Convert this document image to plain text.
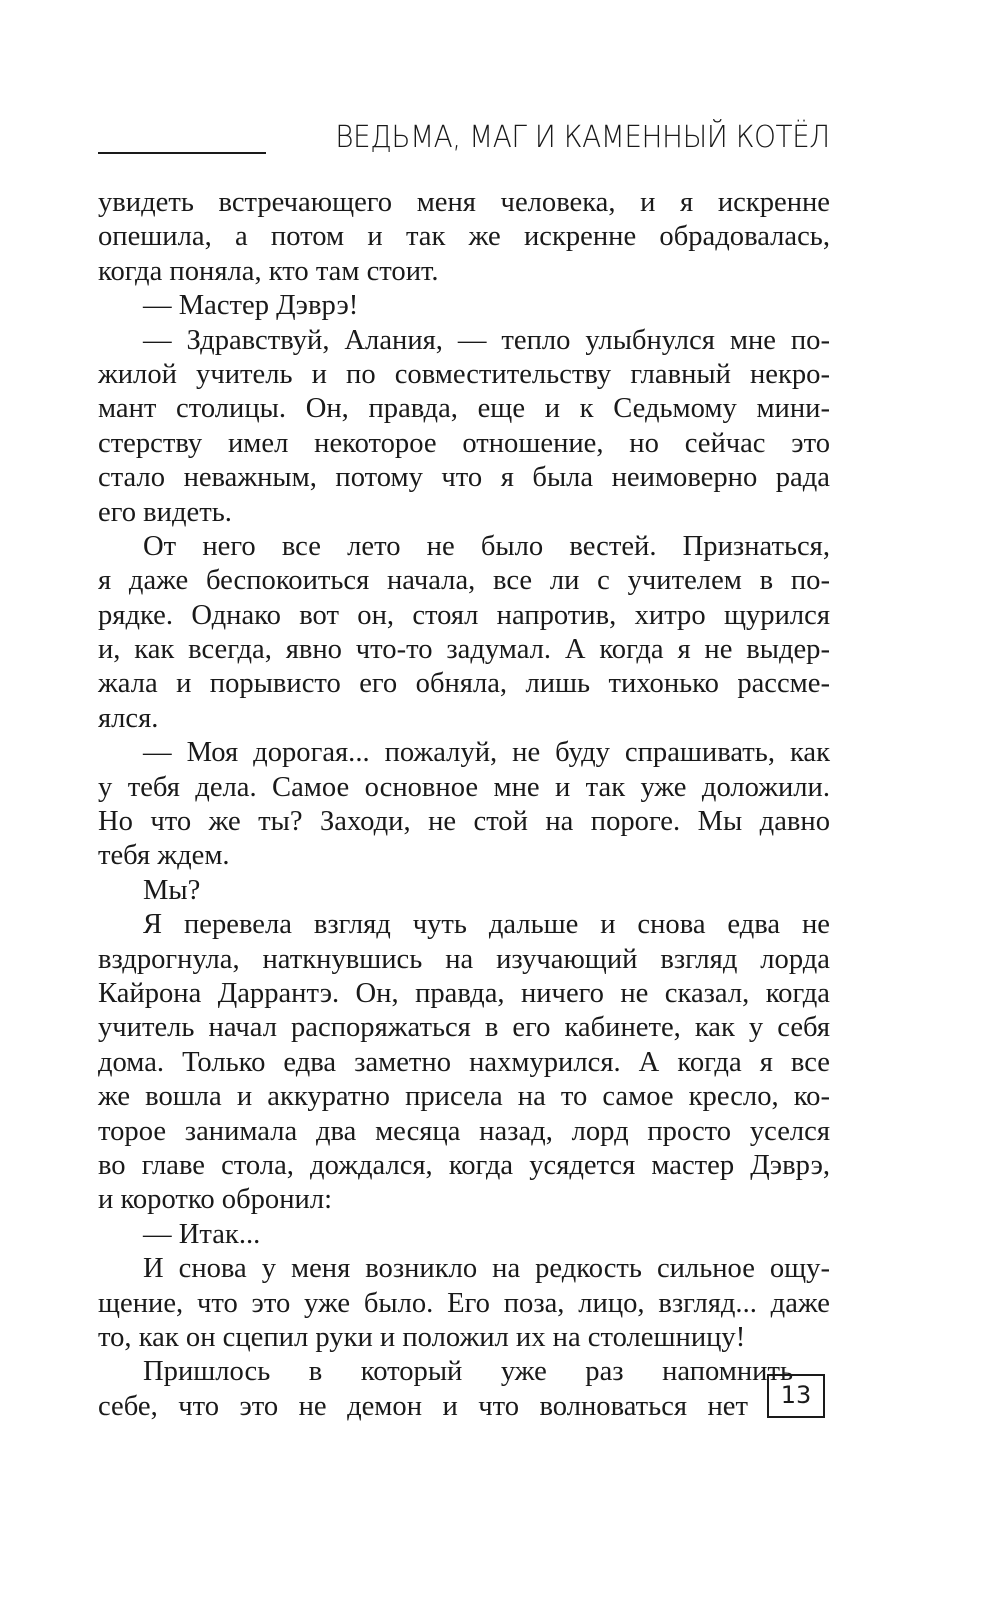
ВЕДЬМА, МАГ И КАМЕННЫЙ КОТЁЛ
увидеть встречающего меня человека, и я искренне
опешила, а потом и так же искренне обрадовалась,
когда поняла, кто там стоит.
— Мастер Дэврэ!
— Здравствуй, Алания, — тепло улыбнулся мне по-
жилой учитель и по совместительству главный некро-
мант столицы. Он, правда, еще и к Седьмому мини-
стерству имел некоторое отношение, но сейчас это
стало неважным, потому что я была неимоверно рада
его видеть.
От него все лето не было вестей. Признаться,
я даже беспокоиться начала, все ли с учителем в по-
рядке. Однако вот он, стоял напротив, хитро щурился
и, как всегда, явно что-то задумал. А когда я не выдер-
жала и порывисто его обняла, лишь тихонько рассме-
ялся.
— Моя дорогая... пожалуй, не буду спрашивать, как
у тебя дела. Самое основное мне и так уже доложили.
Но что же ты? Заходи, не стой на пороге. Мы давно
тебя ждем.
Мы?
Я перевела взгляд чуть дальше и снова едва не
вздрогнула, наткнувшись на изучающий взгляд лорда
Кайрона Даррантэ. Он, правда, ничего не сказал, когда
учитель начал распоряжаться в его кабинете, как у себя
дома. Только едва заметно нахмурился. А когда я все
же вошла и аккуратно присела на то самое кресло, ко-
торое занимала два месяца назад, лорд просто уселся
во главе стола, дождался, когда усядется мастер Дэврэ,
и коротко обронил:
— Итак...
И снова у меня возникло на редкость сильное ощу-
щение, что это уже было. Его поза, лицо, взгляд... даже
то, как он сцепил руки и положил их на столешницу!
Пришлось в который уже раз напомнить
себе, что это не демон и что волноваться нет	13
